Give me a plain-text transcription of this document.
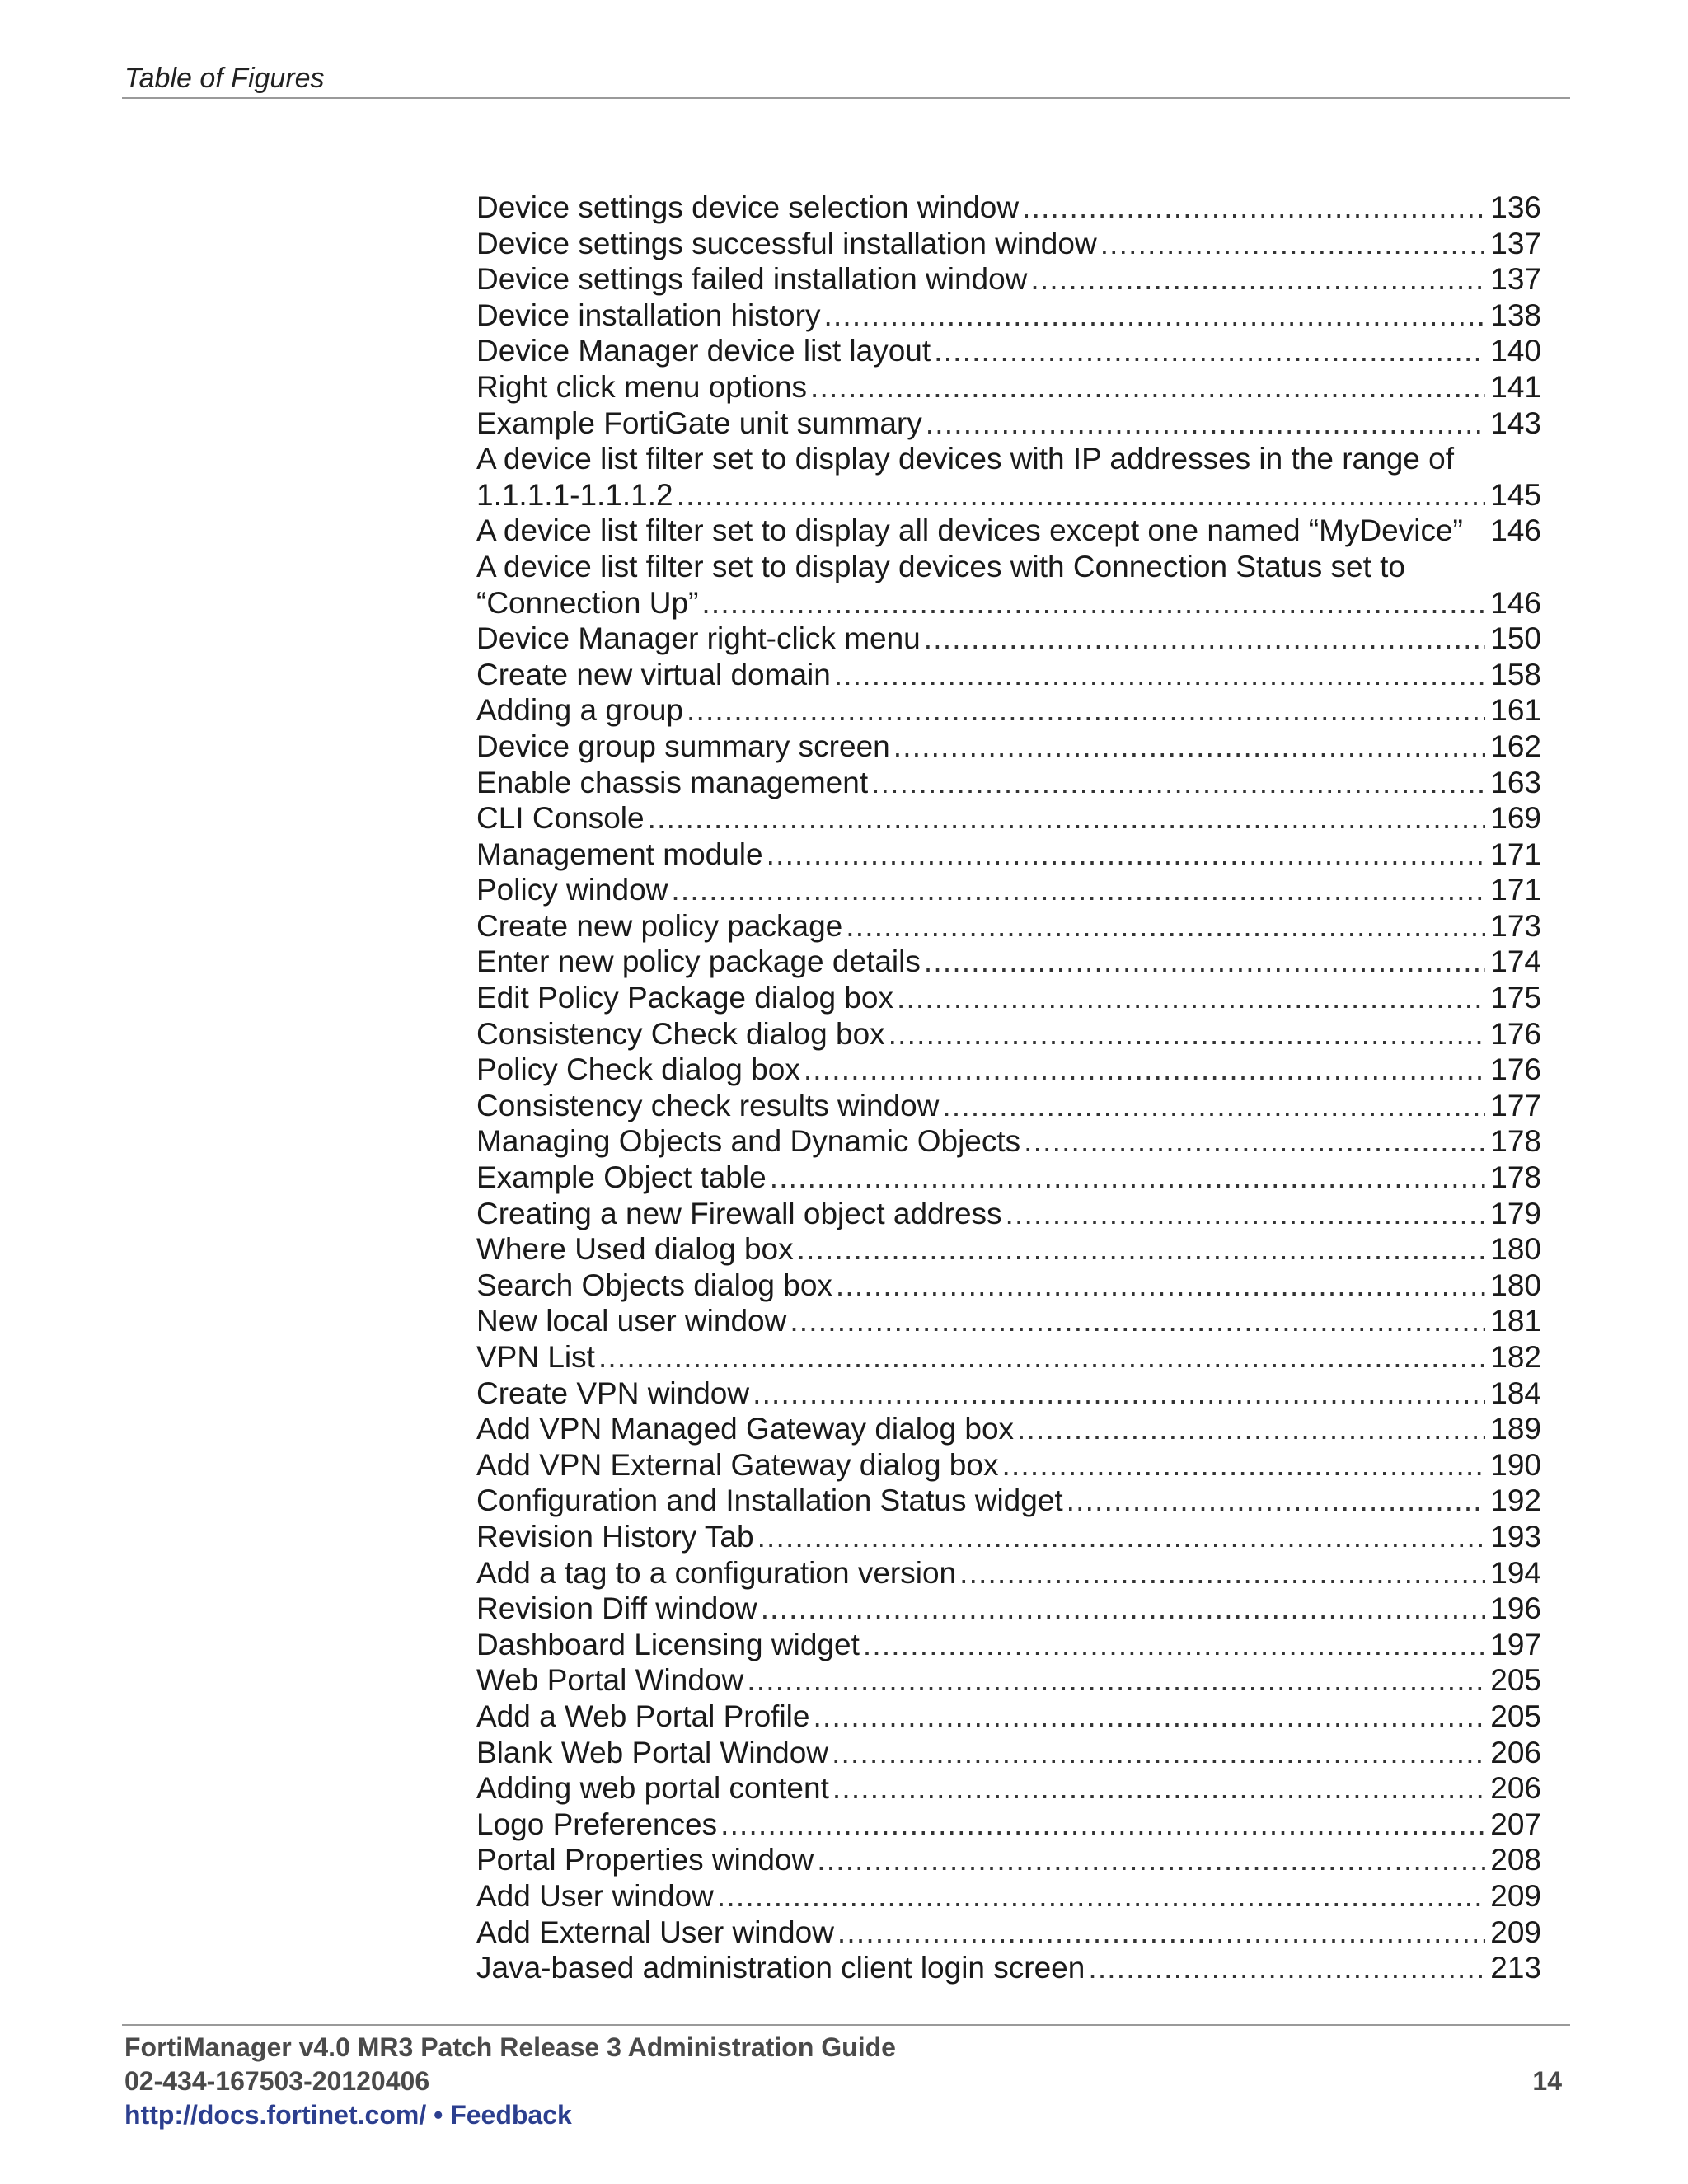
Table of Figures
Device settings device selection window .....	136
Device settings successful installation window .....	137
Device settings failed installation window .....	137
Device installation history .....	138
Device Manager device list layout .....	140
Right click menu options .....	141
Example FortiGate unit summary .....	143
A device list filter set to display devices with IP addresses in the range of
1.1.1.1-1.1.1.2 .....	145
A device list filter set to display all devices except one named “MyDevice” 146
A device list filter set to display devices with Connection Status set to
“Connection Up” .....	146
Device Manager right-click menu .....	150
Create new virtual domain .....	158
Adding a group .....	161
Device group summary screen .....	162
Enable chassis management .....	163
CLI Console .....	169
Management module .....	171
Policy window .....	171
Create new policy package .....	173
Enter new policy package details .....	174
Edit Policy Package dialog box .....	175
Consistency Check dialog box .....	176
Policy Check dialog box .....	176
Consistency check results window .....	177
Managing Objects and Dynamic Objects .....	178
Example Object table .....	178
Creating a new Firewall object address .....	179
Where Used dialog box .....	180
Search Objects dialog box .....	180
New local user window .....	181
VPN List .....	182
Create VPN window .....	184
Add VPN Managed Gateway dialog box .....	189
Add VPN External Gateway dialog box .....	190
Configuration and Installation Status widget .....	192
Revision History Tab .....	193
Add a tag to a configuration version .....	194
Revision Diff window .....	196
Dashboard Licensing widget .....	197
Web Portal Window .....	205
Add a Web Portal Profile .....	205
Blank Web Portal Window .....	206
Adding web portal content .....	206
Logo Preferences .....	207
Portal Properties window .....	208
Add User window .....	209
Add External User window .....	209
Java-based administration client login screen .....	213
FortiManager v4.0 MR3 Patch Release 3 Administration Guide
02-434-167503-20120406
http://docs.fortinet.com/ • Feedback
14
